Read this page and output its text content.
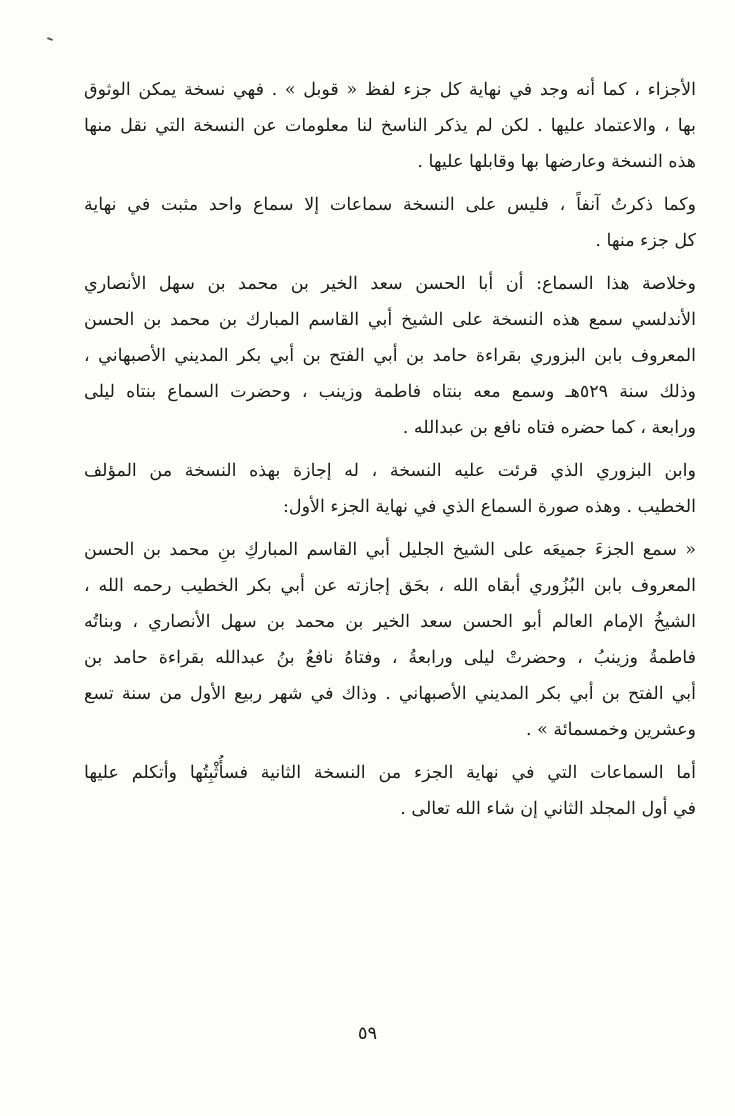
الأجزاء ، كما أنه وجد في نهاية كل جزء لفظ « قوبل » . فهي نسخة يمكن الوثوق
بها ، والاعتماد عليها . لكن لم يذكر الناسخ لنا معلومات عن النسخة التي نقل منها
هذه النسخة وعارضها بها وقابلها عليها .
وكما ذكرتُ آنفاً ، فليس على النسخة سماعات إلا سماع واحد مثبت في نهاية
كل جزء منها .
وخلاصة هذا السماع: أن أبا الحسن سعد الخير بن محمد بن سهل الأنصاري
الأندلسي سمع هذه النسخة على الشيخ أبي القاسم المبارك بن محمد بن الحسن
المعروف بابن البزوري بقراءة حامد بن أبي الفتح بن أبي بكر المديني الأصبهاني ،
وذلك سنة ٥٢٩هـ وسمع معه بنتاه فاطمة وزينب ، وحضرت السماع بنتاه ليلى
ورابعة ، كما حضره فتاه نافع بن عبدالله .
وابن البزوري الذي قرئت عليه النسخة ، له إجازة بهذه النسخة من المؤلف
الخطيب . وهذه صورة السماع الذي في نهاية الجزء الأول:
« سمع الجزءَ جميعَه على الشيخ الجليل أبي القاسم المباركِ بنِ محمد بن الحسن
المعروف بابن البُزُوري أبقاه الله ، بحَق إجازته عن أبي بكر الخطيب رحمه الله ،
الشيخُ الإمام العالم أبو الحسن سعد الخير بن محمد بن سهل الأنصاري ، وبناتُه
فاطمةُ وزينبُ ، وحضرتْ ليلى ورابعةُ ، وفتاهُ نافعُ بنُ عبدالله بقراءة حامد بن
أبي الفتح بن أبي بكر المديني الأصبهاني . وذاك في شهر ربيع الأول من سنة تسع
وعشرين وخمسمائة » .
أما السماعات التي في نهاية الجزء من النسخة الثانية فسأُثْبِتُها وأتكلم عليها
في أول المجلد الثاني إن شاء الله تعالى .
٥٩
